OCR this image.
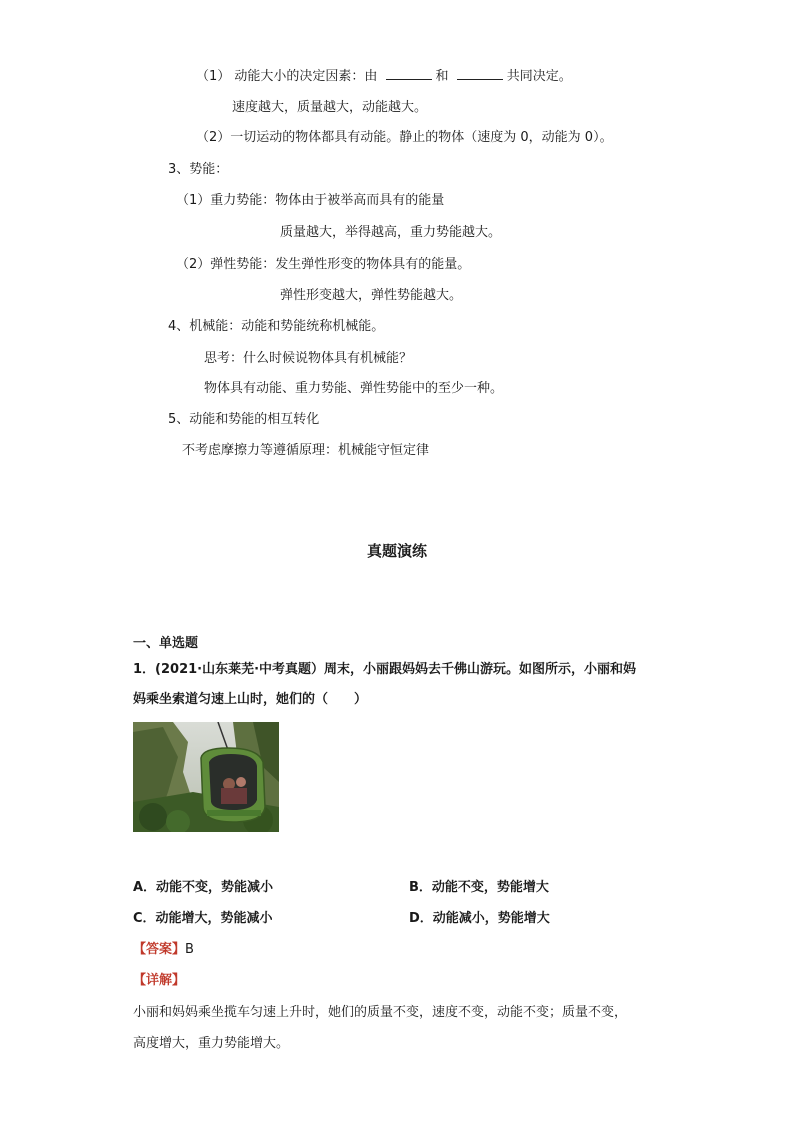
（1） 动能大小的决定因素：由	和	共同决定。
速度越大，质量越大，动能越大。
（2）一切运动的物体都具有动能。静止的物体（速度为 0，动能为 0）。
3、势能：
（1）重力势能：物体由于被举高而具有的能量
质量越大，举得越高，重力势能越大。
（2）弹性势能：发生弹性形变的物体具有的能量。
弹性形变越大，弹性势能越大。
4、机械能：动能和势能统称机械能。
思考：什么时候说物体具有机械能？
物体具有动能、重力势能、弹性势能中的至少一种。
5、动能和势能的相互转化
不考虑摩擦力等遵循原理：机械能守恒定律
真题演练
一、单选题
1．(2021·山东莱芜·中考真题）周末，小丽跟妈妈去千佛山游玩。如图所示，小丽和妈
妈乘坐索道匀速上山时，她们的（　　）
A．动能不变，势能减小	B．动能不变，势能增大
C．动能增大，势能减小	D．动能减小，势能增大
【答案】B
【详解】
小丽和妈妈乘坐揽车匀速上升时，她们的质量不变，速度不变，动能不变；质量不变，
高度增大，重力势能增大。
